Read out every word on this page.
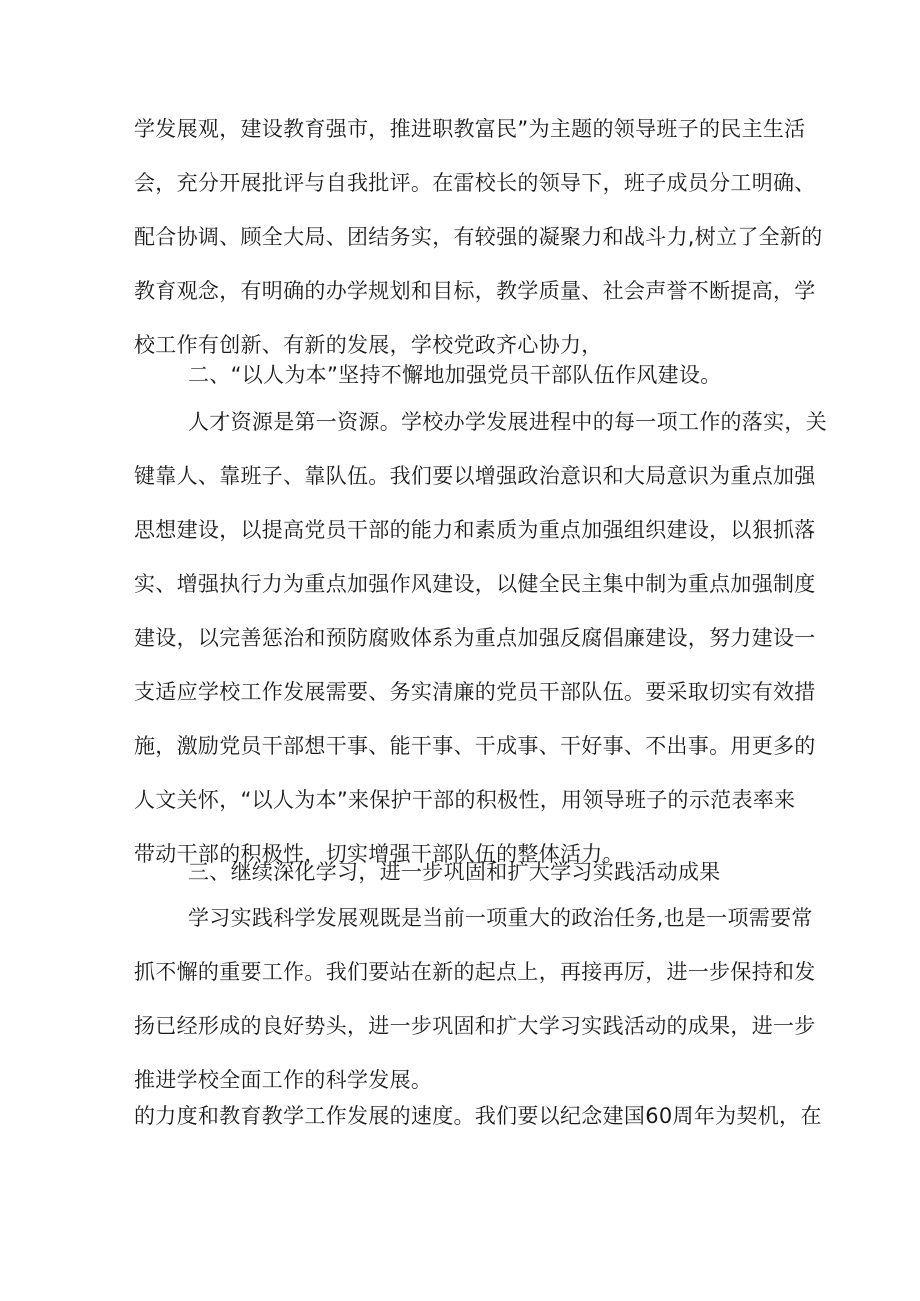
学发展观，建设教育强市，推进职教富民”为主题的领导班子的民主生活
会，充分开展批评与自我批评。在雷校长的领导下，班子成员分工明确、
配合协调、顾全大局、团结务实，有较强的凝聚力和战斗力,树立了全新的
教育观念，有明确的办学规划和目标，教学质量、社会声誉不断提高，学
校工作有创新、有新的发展，学校党政齐心协力，
二、“以人为本”坚持不懈地加强党员干部队伍作风建设。
人才资源是第一资源。学校办学发展进程中的每一项工作的落实，关
键靠人、靠班子、靠队伍。我们要以增强政治意识和大局意识为重点加强
思想建设，以提高党员干部的能力和素质为重点加强组织建设，以狠抓落
实、增强执行力为重点加强作风建设，以健全民主集中制为重点加强制度
建设，以完善惩治和预防腐败体系为重点加强反腐倡廉建设，努力建设一
支适应学校工作发展需要、务实清廉的党员干部队伍。要采取切实有效措
施，激励党员干部想干事、能干事、干成事、干好事、不出事。用更多的
人文关怀，“以人为本”来保护干部的积极性，用领导班子的示范表率来
带动干部的积极性，切实增强干部队伍的整体活力。
三、继续深化学习，进一步巩固和扩大学习实践活动成果
学习实践科学发展观既是当前一项重大的政治任务,也是一项需要常
抓不懈的重要工作。我们要站在新的起点上，再接再厉，进一步保持和发
扬已经形成的良好势头，进一步巩固和扩大学习实践活动的成果，进一步
推进学校全面工作的科学发展。
的力度和教育教学工作发展的速度。我们要以纪念建国60周年为契机，在
